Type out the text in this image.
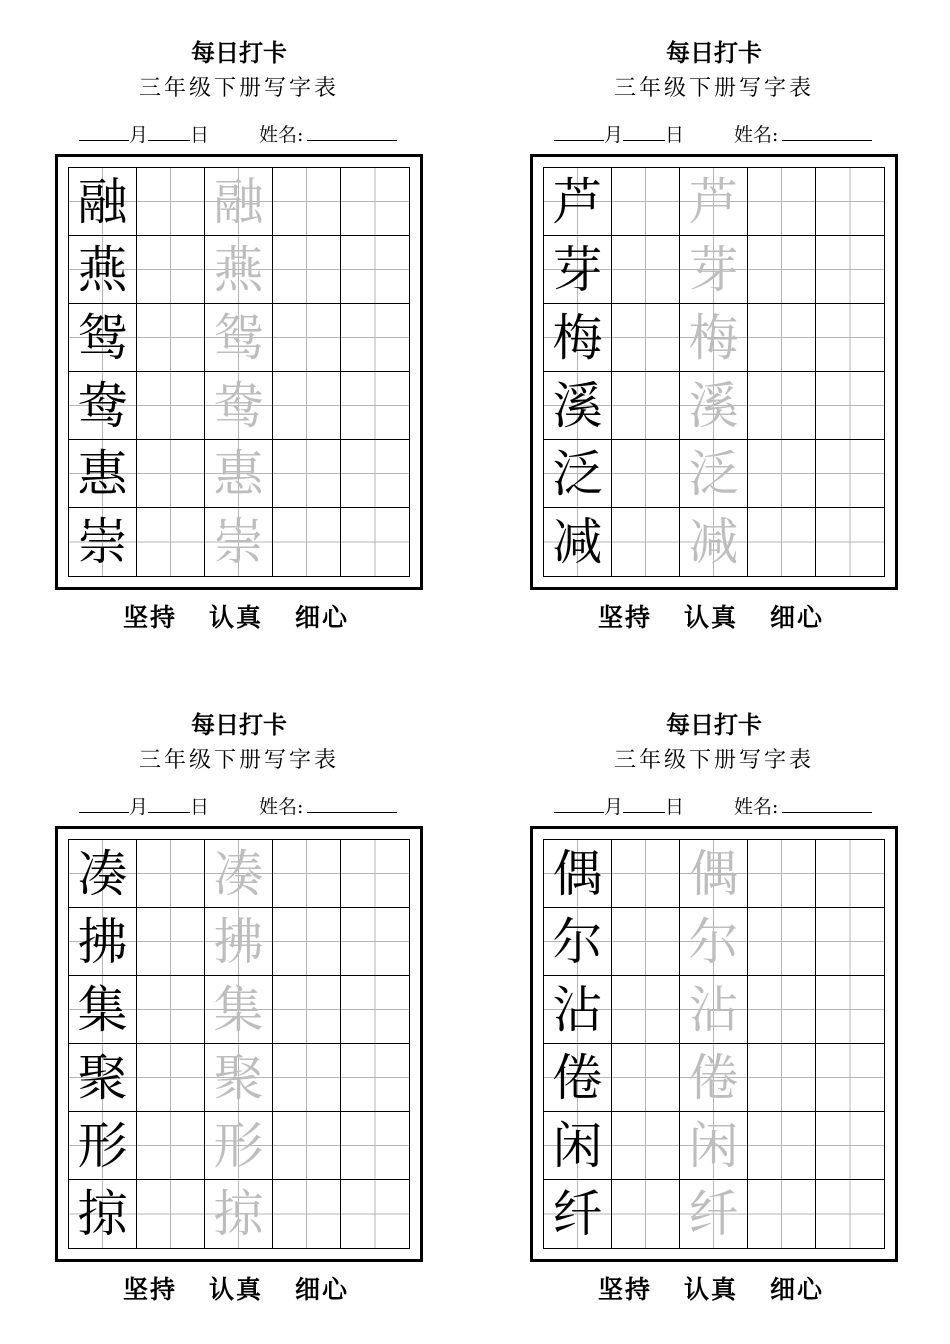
每日打卡
三年级下册写字表
月 日	姓名:
融 融
燕 燕
鸳 鸳
鸯 鸯
惠 惠
崇 崇
坚持 认真 细心
每日打卡
三年级下册写字表
月 日	姓名:
芦 芦
芽 芽
梅 梅
溪 溪
泛 泛
减 减
坚持 认真 细心
每日打卡
三年级下册写字表
月 日	姓名:
凑 凑
拂 拂
集 集
聚 聚
形 形
掠 掠
坚持 认真 细心
每日打卡
三年级下册写字表
月 日	姓名:
偶 偶
尔 尔
沾 沾
倦 倦
闲 闲
纤 纤
坚持 认真 细心
